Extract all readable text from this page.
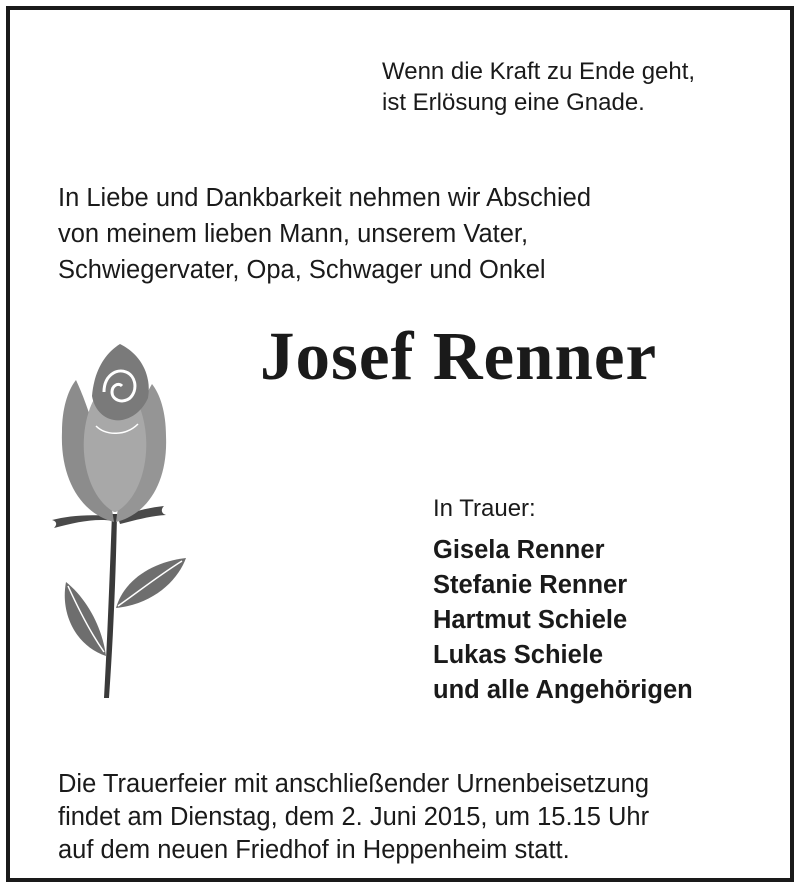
Wenn die Kraft zu Ende geht,

ist Erlösung eine Gnade.

In Liebe und Dankbarkeit nehmen wir Abschied

von meinem lieben Mann, unserem Vater,

Schwiegervater, Opa, Schwager und Onkel

Josef Renner

In Trauer:

Gisela Renner
Stefanie Renner
Hartmut Schiele
Lukas Schiele
und alle Angehörigen

Die Trauerfeier mit anschließender Urnenbeisetzung

findet am Dienstag, dem 2. Juni 2015, um 15.15 Uhr

auf dem neuen Friedhof in Heppenheim statt.
